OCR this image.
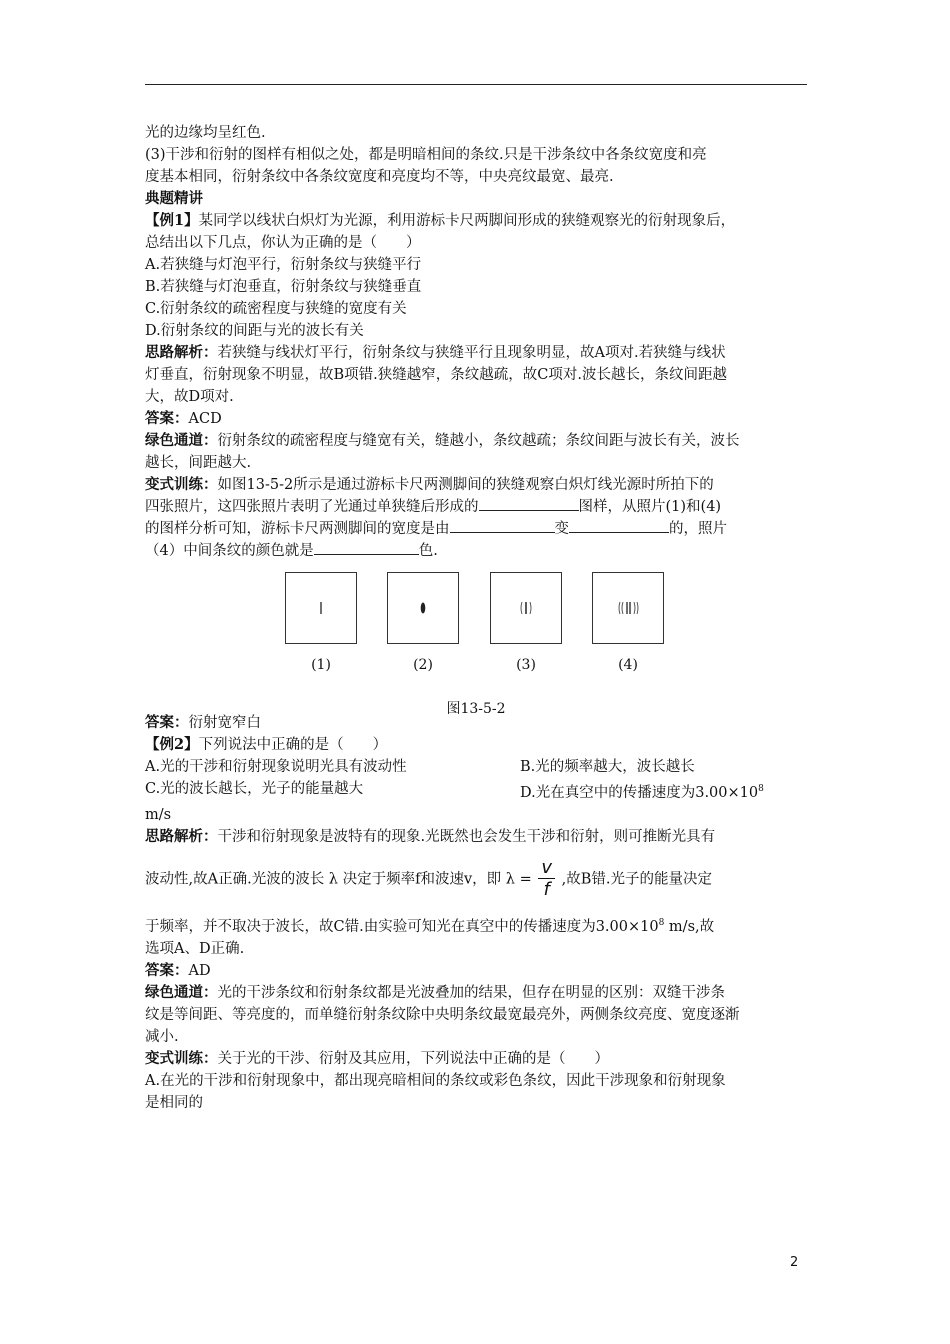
光的边缘均呈红色.

(3)干涉和衍射的图样有相似之处，都是明暗相间的条纹.只是干涉条纹中各条纹宽度和亮

度基本相同，衍射条纹中各条纹宽度和亮度均不等，中央亮纹最宽、最亮.

典题精讲

【例1】某同学以线状白炽灯为光源，利用游标卡尺两脚间形成的狭缝观察光的衍射现象后，

总结出以下几点，你认为正确的是（　　）

A.若狭缝与灯泡平行，衍射条纹与狭缝平行

B.若狭缝与灯泡垂直，衍射条纹与狭缝垂直

C.衍射条纹的疏密程度与狭缝的宽度有关

D.衍射条纹的间距与光的波长有关

思路解析：若狭缝与线状灯平行，衍射条纹与狭缝平行且现象明显，故A项对.若狭缝与线状

灯垂直，衍射现象不明显，故B项错.狭缝越窄，条纹越疏，故C项对.波长越长，条纹间距越

大，故D项对.

答案：ACD

绿色通道：衍射条纹的疏密程度与缝宽有关，缝越小，条纹越疏；条纹间距与波长有关，波长

越长，间距越大.

变式训练：如图13-5-2所示是通过游标卡尺两测脚间的狭缝观察白炽灯线光源时所拍下的

四张照片，这四张照片表明了光通过单狭缝后形成的	图样，从照片(1)和(4)

的图样分析可知，游标卡尺两测脚间的宽度是由	变	的，照片

（4）中间条纹的颜色就是	色.

(1)	(2)	(3)	(4)
图13-5-2

答案：衍射宽窄白

【例2】下列说法中正确的是（　　）

A.光的干涉和衍射现象说明光具有波动性	B.光的频率越大，波长越长
C.光的波长越长，光子的能量越大	D.光在真空中的传播速度为$3.00\times 10^8$

m/s

思路解析：干涉和衍射现象是波特有的现象.光既然也会发生干涉和衍射，则可推断光具有

波动性,故A正确.光波的波长 λ 决定于频率f和波速v，即 $\lambda = \frac{v}{f}$ ,故B错.光子的能量决定

于频率，并不取决于波长，故C错.由实验可知光在真空中的传播速度为$3.00\times 10^8$ m/s,故

选项A、D正确.

答案：AD

绿色通道：光的干涉条纹和衍射条纹都是光波叠加的结果，但存在明显的区别：双缝干涉条

纹是等间距、等亮度的，而单缝衍射条纹除中央明条纹最宽最亮外，两侧条纹亮度、宽度逐渐

减小.

变式训练：关于光的干涉、衍射及其应用，下列说法中正确的是（　　）

A.在光的干涉和衍射现象中，都出现亮暗相间的条纹或彩色条纹，因此干涉现象和衍射现象

是相同的

2
